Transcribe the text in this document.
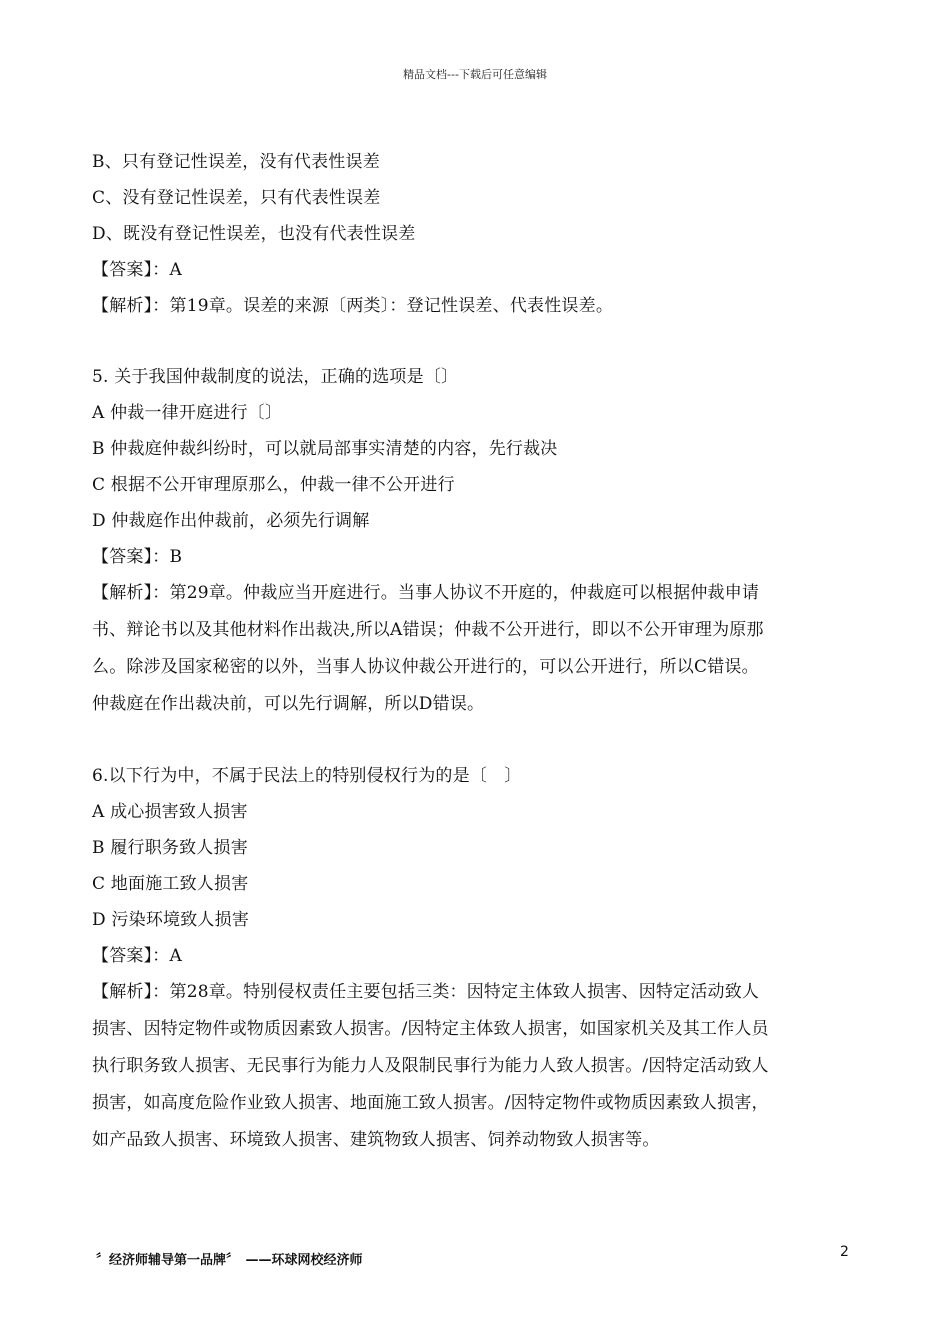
精品文档---下载后可任意编辑
B、只有登记性误差，没有代表性误差
C、没有登记性误差，只有代表性误差
D、既没有登记性误差，也没有代表性误差
【答案】：A
【解析】：第19章。误差的来源〔两类〕：登记性误差、代表性误差。
5. 关于我国仲裁制度的说法，正确的选项是〔〕
A 仲裁一律开庭进行〔〕
B 仲裁庭仲裁纠纷时，可以就局部事实清楚的内容，先行裁决
C 根据不公开审理原那么，仲裁一律不公开进行
D 仲裁庭作出仲裁前，必须先行调解
【答案】：B
【解析】：第29章。仲裁应当开庭进行。当事人协议不开庭的，仲裁庭可以根据仲裁申请
书、辩论书以及其他材料作出裁决,所以A错误；仲裁不公开进行，即以不公开审理为原那
么。除涉及国家秘密的以外，当事人协议仲裁公开进行的，可以公开进行，所以C错误。
仲裁庭在作出裁决前，可以先行调解，所以D错误。
6.以下行为中，不属于民法上的特别侵权行为的是〔　〕
A 成心损害致人损害
B 履行职务致人损害
C 地面施工致人损害
D 污染环境致人损害
【答案】：A
【解析】：第28章。特别侵权责任主要包括三类：因特定主体致人损害、因特定活动致人
损害、因特定物件或物质因素致人损害。/因特定主体致人损害，如国家机关及其工作人员
执行职务致人损害、无民事行为能力人及限制民事行为能力人致人损害。/因特定活动致人
损害，如高度危险作业致人损害、地面施工致人损害。/因特定物件或物质因素致人损害，
如产品致人损害、环境致人损害、建筑物致人损害、饲养动物致人损害等。
〞经济师辅导第一品牌〞　——环球网校经济师
2
